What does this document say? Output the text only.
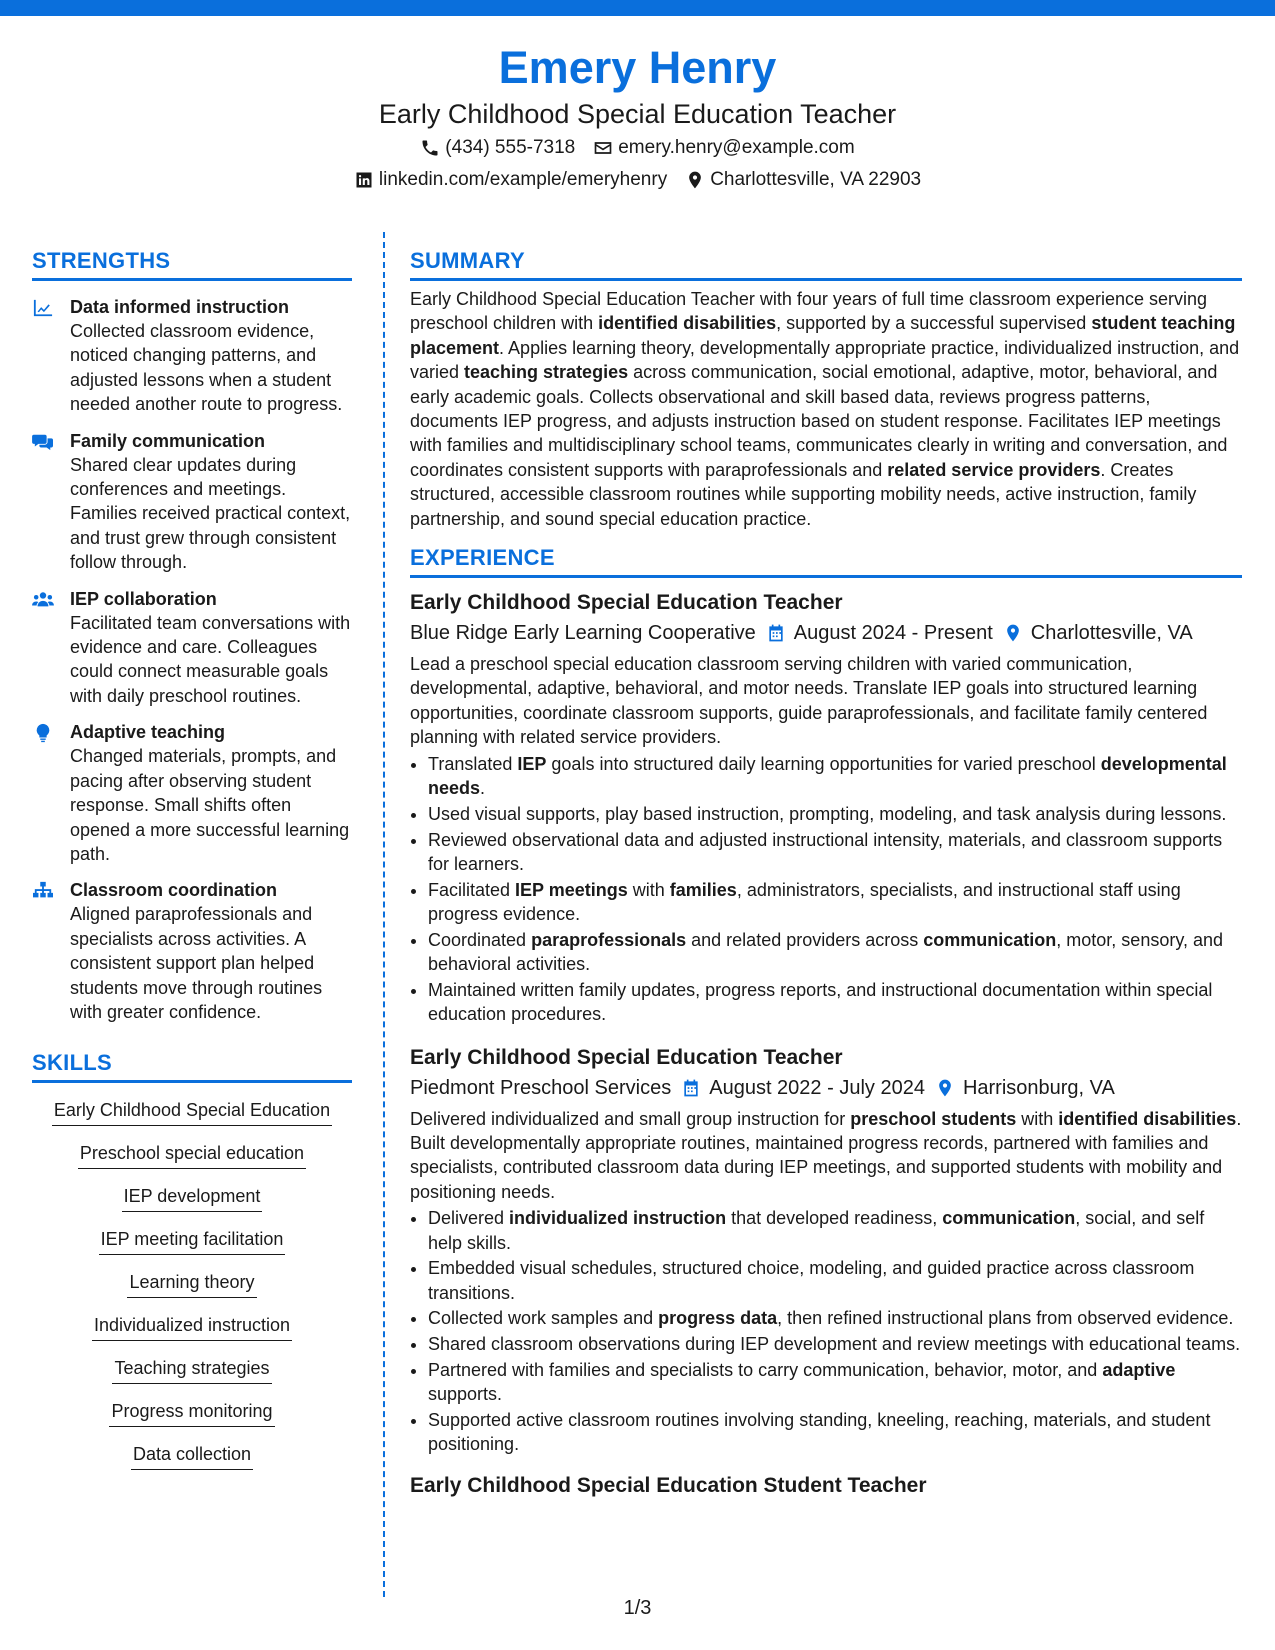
Emery Henry
Early Childhood Special Education Teacher
(434) 555-7318 emery.henry@example.com
linkedin.com/example/emeryhenry Charlottesville, VA 22903
STRENGTHS
Data informed instruction
Collected classroom evidence, noticed changing patterns, and adjusted lessons when a student needed another route to progress.
Family communication
Shared clear updates during conferences and meetings. Families received practical context, and trust grew through consistent follow through.
IEP collaboration
Facilitated team conversations with evidence and care. Colleagues could connect measurable goals with daily preschool routines.
Adaptive teaching
Changed materials, prompts, and pacing after observing student response. Small shifts often opened a more successful learning path.
Classroom coordination
Aligned paraprofessionals and specialists across activities. A consistent support plan helped students move through routines with greater confidence.
SKILLS
Early Childhood Special Education
Preschool special education
IEP development
IEP meeting facilitation
Learning theory
Individualized instruction
Teaching strategies
Progress monitoring
Data collection
SUMMARY
Early Childhood Special Education Teacher with four years of full time classroom experience serving preschool children with identified disabilities, supported by a successful supervised student teaching placement. Applies learning theory, developmentally appropriate practice, individualized instruction, and varied teaching strategies across communication, social emotional, adaptive, motor, behavioral, and early academic goals. Collects observational and skill based data, reviews progress patterns, documents IEP progress, and adjusts instruction based on student response. Facilitates IEP meetings with families and multidisciplinary school teams, communicates clearly in writing and conversation, and coordinates consistent supports with paraprofessionals and related service providers. Creates structured, accessible classroom routines while supporting mobility needs, active instruction, family partnership, and sound special education practice.
EXPERIENCE
Early Childhood Special Education Teacher
Blue Ridge Early Learning Cooperative August 2024 - Present Charlottesville, VA
Lead a preschool special education classroom serving children with varied communication, developmental, adaptive, behavioral, and motor needs. Translate IEP goals into structured learning opportunities, coordinate classroom supports, guide paraprofessionals, and facilitate family centered planning with related service providers.
• Translated IEP goals into structured daily learning opportunities for varied preschool developmental needs.
• Used visual supports, play based instruction, prompting, modeling, and task analysis during lessons.
• Reviewed observational data and adjusted instructional intensity, materials, and classroom supports for learners.
• Facilitated IEP meetings with families, administrators, specialists, and instructional staff using progress evidence.
• Coordinated paraprofessionals and related providers across communication, motor, sensory, and behavioral activities.
• Maintained written family updates, progress reports, and instructional documentation within special education procedures.
Early Childhood Special Education Teacher
Piedmont Preschool Services August 2022 - July 2024 Harrisonburg, VA
Delivered individualized and small group instruction for preschool students with identified disabilities. Built developmentally appropriate routines, maintained progress records, partnered with families and specialists, contributed classroom data during IEP meetings, and supported students with mobility and positioning needs.
• Delivered individualized instruction that developed readiness, communication, social, and self help skills.
• Embedded visual schedules, structured choice, modeling, and guided practice across classroom transitions.
• Collected work samples and progress data, then refined instructional plans from observed evidence.
• Shared classroom observations during IEP development and review meetings with educational teams.
• Partnered with families and specialists to carry communication, behavior, motor, and adaptive supports.
• Supported active classroom routines involving standing, kneeling, reaching, materials, and student positioning.
Early Childhood Special Education Student Teacher
1/3
